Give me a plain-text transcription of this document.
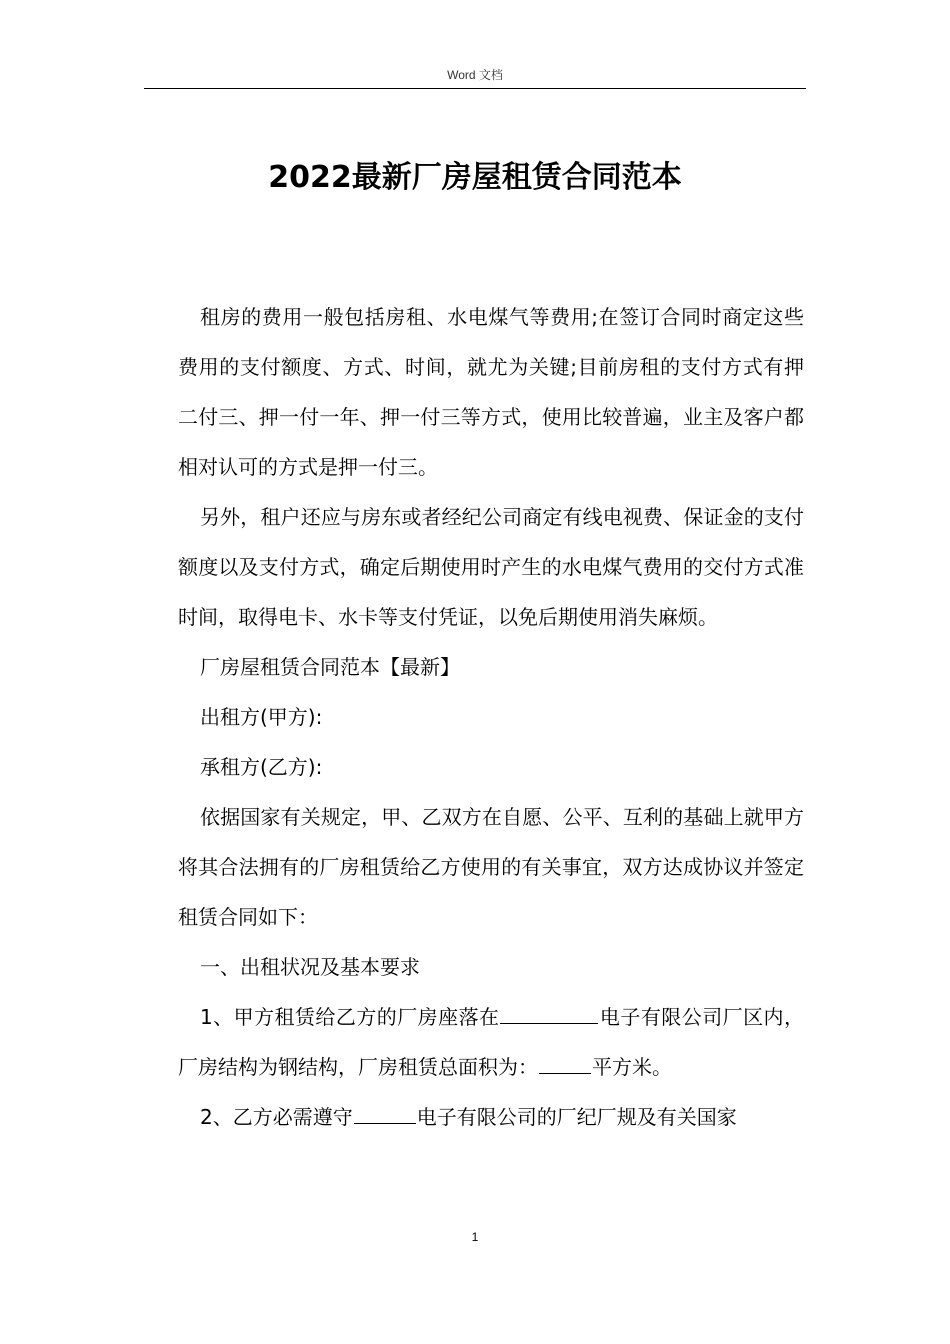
Word 文档
2022最新厂房屋租赁合同范本

租房的费用一般包括房租、水电煤气等费用;在签订合同时商定这些费用的支付额度、方式、时间，就尤为关键;目前房租的支付方式有押二付三、押一付一年、押一付三等方式，使用比较普遍，业主及客户都相对认可的方式是押一付三。

另外，租户还应与房东或者经纪公司商定有线电视费、保证金的支付额度以及支付方式，确定后期使用时产生的水电煤气费用的交付方式准时间，取得电卡、水卡等支付凭证，以免后期使用消失麻烦。

厂房屋租赁合同范本【最新】

出租方(甲方):

承租方(乙方):

依据国家有关规定，甲、乙双方在自愿、公平、互利的基础上就甲方将其合法拥有的厂房租赁给乙方使用的有关事宜，双方达成协议并签定租赁合同如下：

一、出租状况及基本要求

1、甲方租赁给乙方的厂房座落在	电子有限公司厂区内，厂房结构为钢结构，厂房租赁总面积为：	平方米。

2、乙方必需遵守	电子有限公司的厂纪厂规及有关国家

1
